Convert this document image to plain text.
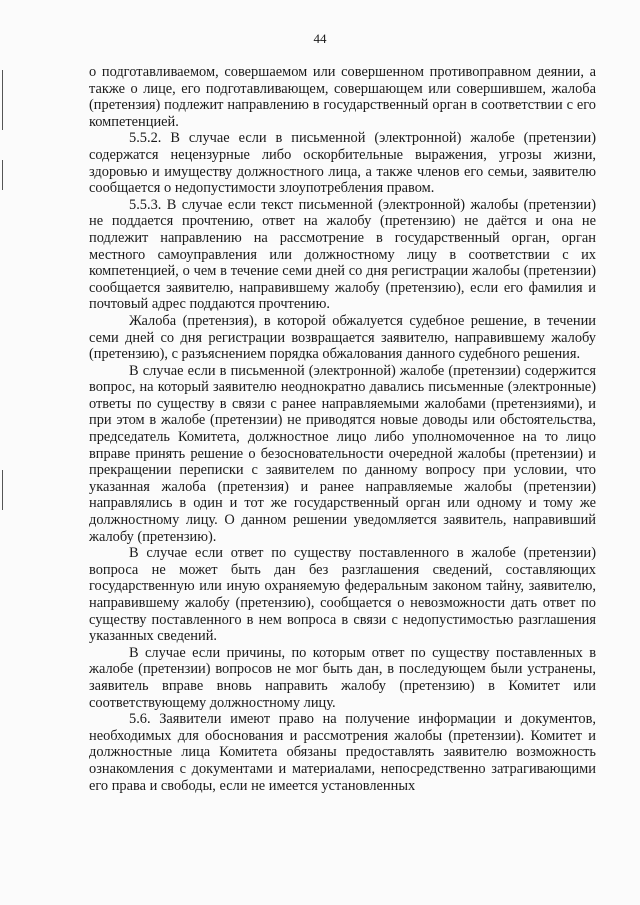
44

о подготавливаемом, совершаемом или совершенном противоправном деянии, а также о лице, его подготавливающем, совершающем или совершившем, жалоба (претензия) подлежит направлению в государственный орган в соответствии с его компетенцией.

5.5.2. В случае если в письменной (электронной) жалобе (претензии) содержатся нецензурные либо оскорбительные выражения, угрозы жизни, здоровью и имуществу должностного лица, а также членов его семьи, заявителю сообщается о недопустимости злоупотребления правом.

5.5.3. В случае если текст письменной (электронной) жалобы (претензии) не поддается прочтению, ответ на жалобу (претензию) не даётся и она не подлежит направлению на рассмотрение в государственный орган, орган местного самоуправления или должностному лицу в соответствии с их компетенцией, о чем в течение семи дней со дня регистрации жалобы (претензии) сообщается заявителю, направившему жалобу (претензию), если его фамилия и почтовый адрес поддаются прочтению.

Жалоба (претензия), в которой обжалуется судебное решение, в течении семи дней со дня регистрации возвращается заявителю, направившему жалобу (претензию), с разъяснением порядка обжалования данного судебного решения.

В случае если в письменной (электронной) жалобе (претензии) содержится вопрос, на который заявителю неоднократно давались письменные (электронные) ответы по существу в связи с ранее направляемыми жалобами (претензиями), и при этом в жалобе (претензии) не приводятся новые доводы или обстоятельства, председатель Комитета, должностное лицо либо уполномоченное на то лицо вправе принять решение о безосновательности очередной жалобы (претензии) и прекращении переписки с заявителем по данному вопросу при условии, что указанная жалоба (претензия) и ранее направляемые жалобы (претензии) направлялись в один и тот же государственный орган или одному и тому же должностному лицу. О данном решении уведомляется заявитель, направивший жалобу (претензию).

В случае если ответ по существу поставленного в жалобе (претензии) вопроса не может быть дан без разглашения сведений, составляющих государственную или иную охраняемую федеральным законом тайну, заявителю, направившему жалобу (претензию), сообщается о невозможности дать ответ по существу поставленного в нем вопроса в связи с недопустимостью разглашения указанных сведений.

В случае если причины, по которым ответ по существу поставленных в жалобе (претензии) вопросов не мог быть дан, в последующем были устранены, заявитель вправе вновь направить жалобу (претензию) в Комитет или соответствующему должностному лицу.

5.6. Заявители имеют право на получение информации и документов, необходимых для обоснования и рассмотрения жалобы (претензии). Комитет и должностные лица Комитета обязаны предоставлять заявителю возможность ознакомления с документами и материалами, непосредственно затрагивающими его права и свободы, если не имеется установленных
